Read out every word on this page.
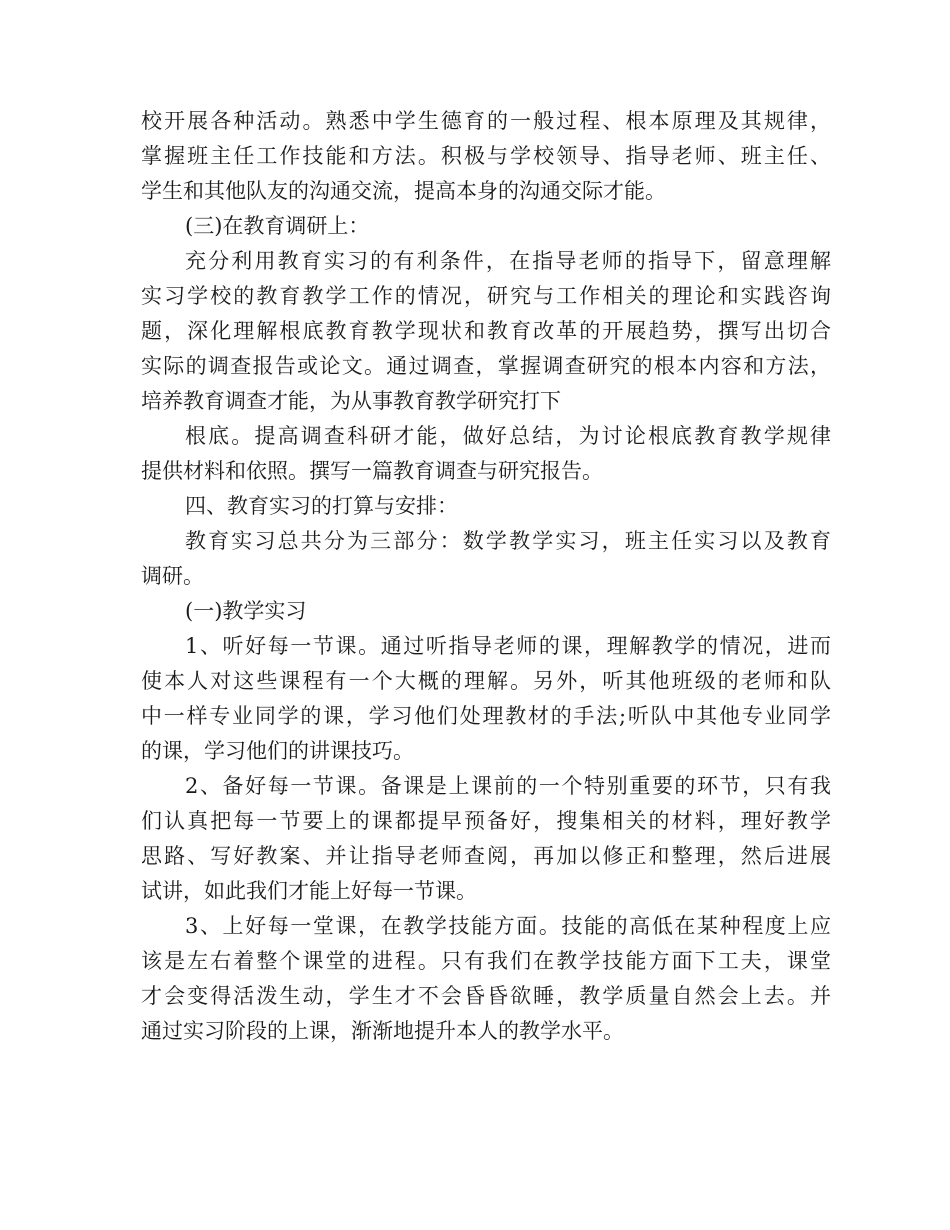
校开展各种活动。熟悉中学生德育的一般过程、根本原理及其规律，
掌握班主任工作技能和方法。积极与学校领导、指导老师、班主任、
学生和其他队友的沟通交流，提高本身的沟通交际才能。
(三)在教育调研上：
充分利用教育实习的有利条件，在指导老师的指导下，留意理解
实习学校的教育教学工作的情况，研究与工作相关的理论和实践咨询
题，深化理解根底教育教学现状和教育改革的开展趋势，撰写出切合
实际的调查报告或论文。通过调查，掌握调查研究的根本内容和方法，
培养教育调查才能，为从事教育教学研究打下
根底。提高调查科研才能，做好总结，为讨论根底教育教学规律
提供材料和依照。撰写一篇教育调查与研究报告。
四、教育实习的打算与安排：
教育实习总共分为三部分：数学教学实习，班主任实习以及教育
调研。
(一)教学实习
1、听好每一节课。通过听指导老师的课，理解教学的情况，进而
使本人对这些课程有一个大概的理解。另外，听其他班级的老师和队
中一样专业同学的课，学习他们处理教材的手法;听队中其他专业同学
的课，学习他们的讲课技巧。
2、备好每一节课。备课是上课前的一个特别重要的环节，只有我
们认真把每一节要上的课都提早预备好，搜集相关的材料，理好教学
思路、写好教案、并让指导老师查阅，再加以修正和整理，然后进展
试讲，如此我们才能上好每一节课。
3、上好每一堂课，在教学技能方面。技能的高低在某种程度上应
该是左右着整个课堂的进程。只有我们在教学技能方面下工夫，课堂
才会变得活泼生动，学生才不会昏昏欲睡，教学质量自然会上去。并
通过实习阶段的上课，渐渐地提升本人的教学水平。
